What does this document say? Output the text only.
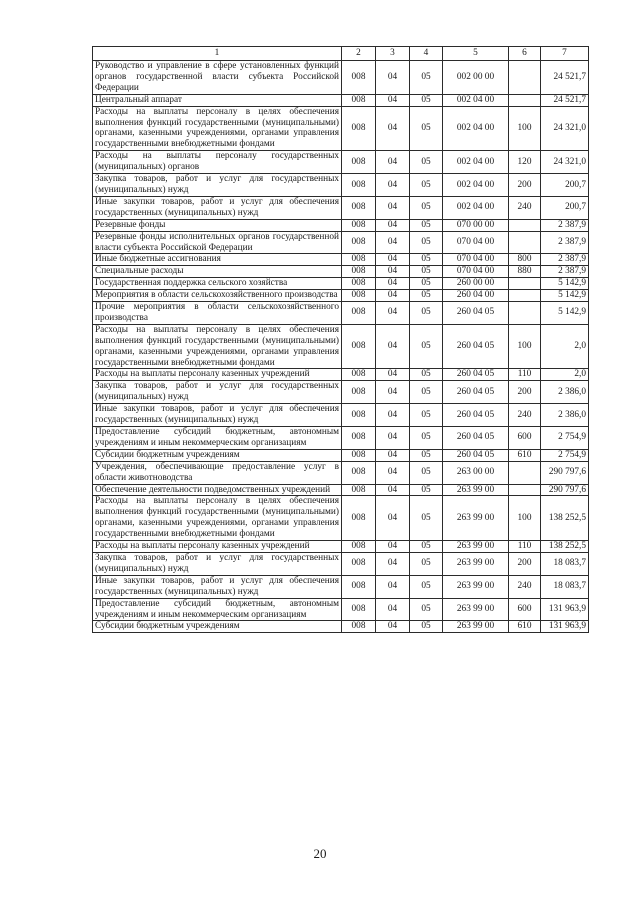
1	2	3	4	5	6	7
Руководство и управление в сфере установленных функций органов государственной власти субъекта Российской Федерации	008	04	05	002 00 00		24 521,7
Центральный аппарат	008	04	05	002 04 00		24 521,7
Расходы на выплаты персоналу в целях обеспечения выполнения функций государственными (муниципальными) органами, казенными учреждениями, органами управления государственными внебюджетными фондами	008	04	05	002 04 00	100	24 321,0
Расходы на выплаты персоналу государственных (муниципальных) органов	008	04	05	002 04 00	120	24 321,0
Закупка товаров, работ и услуг для государственных (муниципальных) нужд	008	04	05	002 04 00	200	200,7
Иные закупки товаров, работ и услуг для обеспечения государственных (муниципальных) нужд	008	04	05	002 04 00	240	200,7
Резервные фонды	008	04	05	070 00 00		2 387,9
Резервные фонды исполнительных органов государственной власти субъекта Российской Федерации	008	04	05	070 04 00		2 387,9
Иные бюджетные ассигнования	008	04	05	070 04 00	800	2 387,9
Специальные расходы	008	04	05	070 04 00	880	2 387,9
Государственная поддержка сельского хозяйства	008	04	05	260 00 00		5 142,9
Мероприятия в области сельскохозяйственного производства	008	04	05	260 04 00		5 142,9
Прочие мероприятия в области сельскохозяйственного производства	008	04	05	260 04 05		5 142,9
Расходы на выплаты персоналу в целях обеспечения выполнения функций государственными (муниципальными) органами, казенными учреждениями, органами управления государственными внебюджетными фондами	008	04	05	260 04 05	100	2,0
Расходы на выплаты персоналу казенных учреждений	008	04	05	260 04 05	110	2,0
Закупка товаров, работ и услуг для государственных (муниципальных) нужд	008	04	05	260 04 05	200	2 386,0
Иные закупки товаров, работ и услуг для обеспечения государственных (муниципальных) нужд	008	04	05	260 04 05	240	2 386,0
Предоставление субсидий бюджетным, автономным учреждениям и иным некоммерческим организациям	008	04	05	260 04 05	600	2 754,9
Субсидии бюджетным учреждениям	008	04	05	260 04 05	610	2 754,9
Учреждения, обеспечивающие предоставление услуг в области животноводства	008	04	05	263 00 00		290 797,6
Обеспечение деятельности подведомственных учреждений	008	04	05	263 99 00		290 797,6
Расходы на выплаты персоналу в целях обеспечения выполнения функций государственными (муниципальными) органами, казенными учреждениями, органами управления государственными внебюджетными фондами	008	04	05	263 99 00	100	138 252,5
Расходы на выплаты персоналу казенных учреждений	008	04	05	263 99 00	110	138 252,5
Закупка товаров, работ и услуг для государственных (муниципальных) нужд	008	04	05	263 99 00	200	18 083,7
Иные закупки товаров, работ и услуг для обеспечения государственных (муниципальных) нужд	008	04	05	263 99 00	240	18 083,7
Предоставление субсидий бюджетным, автономным учреждениям и иным некоммерческим организациям	008	04	05	263 99 00	600	131 963,9
Субсидии бюджетным учреждениям	008	04	05	263 99 00	610	131 963,9
20
